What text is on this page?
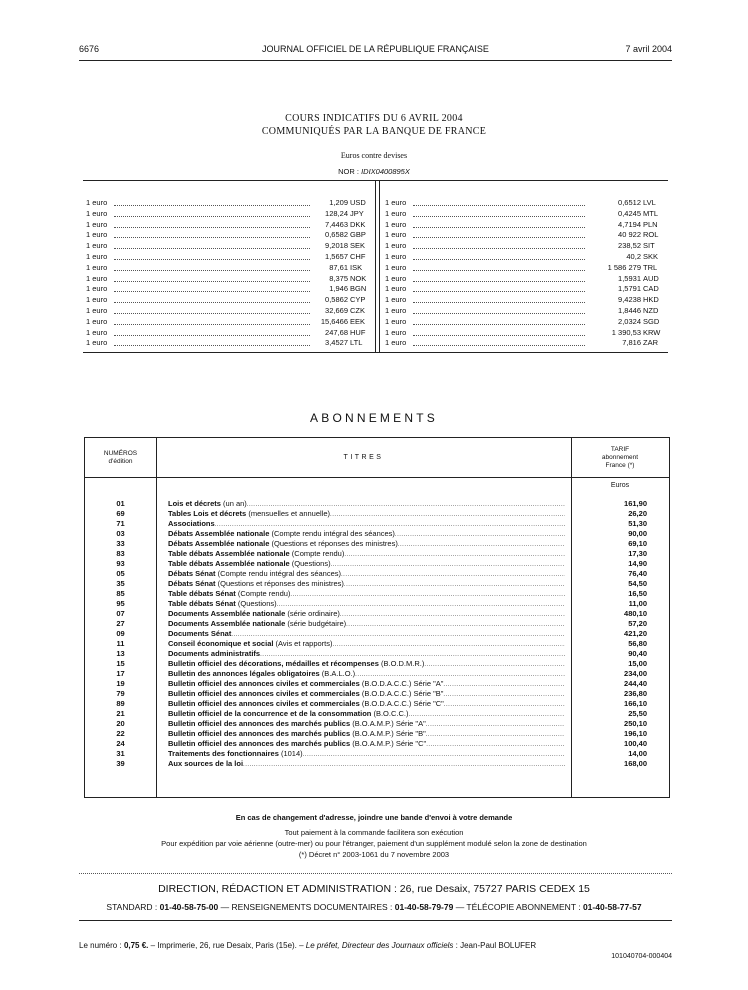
6676	JOURNAL OFFICIEL DE LA RÉPUBLIQUE FRANÇAISE	7 avril 2004
COURS INDICATIFS DU 6 AVRIL 2004
COMMUNIQUÉS PAR LA BANQUE DE FRANCE
Euros contre devises
NOR : IDIX0400895X
1 euro	1,209 USD
1 euro	128,24 JPY
1 euro	7,4463 DKK
1 euro	0,6582 GBP
1 euro	9,2018 SEK
1 euro	1,5657 CHF
1 euro	87,61 ISK
1 euro	8,375 NOK
1 euro	1,946 BGN
1 euro	0,5862 CYP
1 euro	32,669 CZK
1 euro	15,6466 EEK
1 euro	247,68 HUF
1 euro	3,4527 LTL
1 euro	0,6512 LVL
1 euro	0,4245 MTL
1 euro	4,7194 PLN
1 euro	40 922 ROL
1 euro	238,52 SIT
1 euro	40,2 SKK
1 euro	1 586 279 TRL
1 euro	1,5931 AUD
1 euro	1,5791 CAD
1 euro	9,4238 HKD
1 euro	1,8446 NZD
1 euro	2,0324 SGD
1 euro	1 390,53 KRW
1 euro	7,816 ZAR
ABONNEMENTS
NUMÉROS
d'édition
TITRES
TARIF
abonnement
France (*)
Euros
01	Lois et décrets (un an) .....	161,90
69	Tables Lois et décrets (mensuelles et annuelle) .....	26,20
71	Associations .....	51,30
03	Débats Assemblée nationale (Compte rendu intégral des séances) .....	90,00
33	Débats Assemblée nationale (Questions et réponses des ministres) .....	69,10
83	Table débats Assemblée nationale (Compte rendu) .....	17,30
93	Table débats Assemblée nationale (Questions) .....	14,90
05	Débats Sénat (Compte rendu intégral des séances) .....	76,40
35	Débats Sénat (Questions et réponses des ministres) .....	54,50
85	Table débats Sénat (Compte rendu) .....	16,50
95	Table débats Sénat (Questions) .....	11,00
07	Documents Assemblée nationale (série ordinaire) .....	480,10
27	Documents Assemblée nationale (série budgétaire) .....	57,20
09	Documents Sénat .....	421,20
11	Conseil économique et social (Avis et rapports) .....	56,80
13	Documents administratifs .....	90,40
15	Bulletin officiel des décorations, médailles et récompenses (B.O.D.M.R.) .....	15,00
17	Bulletin des annonces légales obligatoires (B.A.L.O.) .....	234,00
19	Bulletin officiel des annonces civiles et commerciales (B.O.D.A.C.C.) Série "A" .....	244,40
79	Bulletin officiel des annonces civiles et commerciales (B.O.D.A.C.C.) Série "B" .....	236,80
89	Bulletin officiel des annonces civiles et commerciales (B.O.D.A.C.C.) Série "C" .....	166,10
21	Bulletin officiel de la concurrence et de la consommation (B.O.C.C.) .....	25,50
20	Bulletin officiel des annonces des marchés publics (B.O.A.M.P.) Série "A" .....	250,10
22	Bulletin officiel des annonces des marchés publics (B.O.A.M.P.) Série "B" .....	196,10
24	Bulletin officiel des annonces des marchés publics (B.O.A.M.P.) Série "C" .....	100,40
31	Traitements des fonctionnaires (1014) .....	14,00
39	Aux sources de la loi .....	168,00
En cas de changement d'adresse, joindre une bande d'envoi à votre demande
Tout paiement à la commande facilitera son exécution
Pour expédition par voie aérienne (outre-mer) ou pour l'étranger, paiement d'un supplément modulé selon la zone de destination
(*) Décret n° 2003-1061 du 7 novembre 2003
DIRECTION, RÉDACTION ET ADMINISTRATION : 26, rue Desaix, 75727 PARIS CEDEX 15
STANDARD : 01-40-58-75-00 — RENSEIGNEMENTS DOCUMENTAIRES : 01-40-58-79-79 — TÉLÉCOPIE ABONNEMENT : 01-40-58-77-57
Le numéro : 0,75 €. – Imprimerie, 26, rue Desaix, Paris (15e). – Le préfet, Directeur des Journaux officiels : Jean-Paul BOLUFER
101040704-000404
